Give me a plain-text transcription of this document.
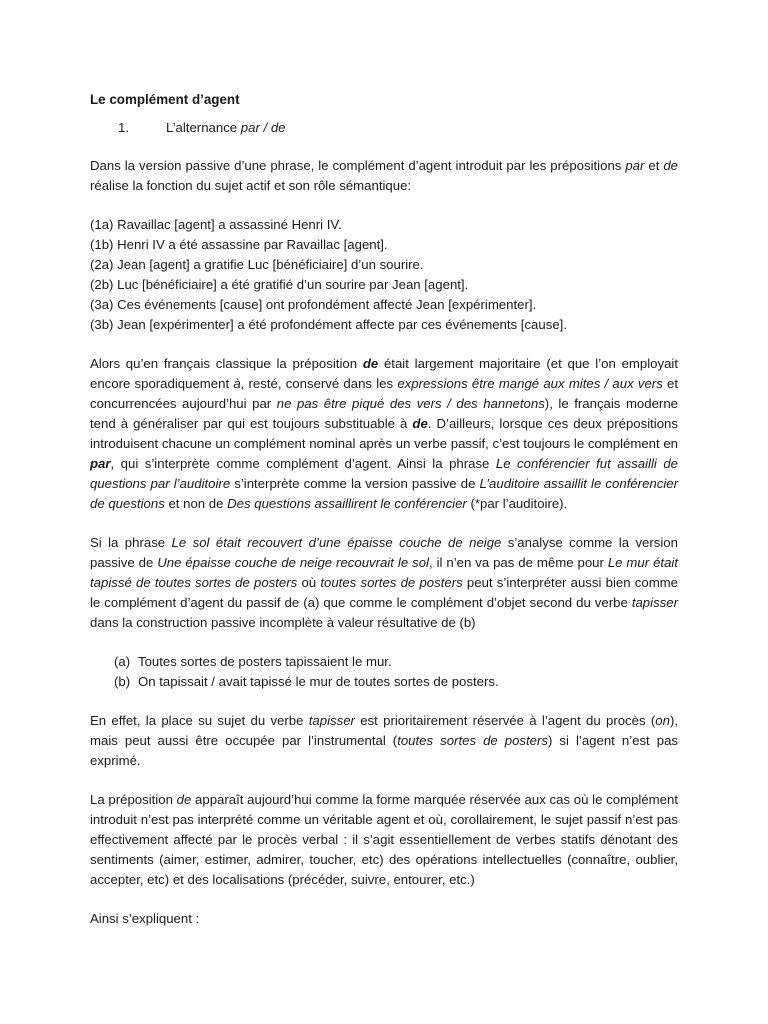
Le complément d’agent
1.	L’alternance par / de

Dans la version passive d’une phrase, le complément d’agent introduit par les prépositions par et de réalise la fonction du sujet actif et son rôle sémantique:

(1a) Ravaillac [agent] a assassiné Henri IV.
(1b) Henri IV a été assassine par Ravaillac [agent].
(2a) Jean [agent] a gratifie Luc [bénéficiaire] d’un sourire.
(2b) Luc [bénéficiaire] a été gratifié d’un sourire par Jean [agent].
(3a) Ces événements [cause] ont profondément affecté Jean [expérimenter].
(3b) Jean [expérimenter] a été profondément affecte par ces événements [cause].

Alors qu’en français classique la préposition de était largement majoritaire (et que l’on employait encore sporadiquement à, resté, conservé dans les expressions être mangé aux mites / aux vers et concurrencées aujourd’hui par ne pas être piqué des vers / des hannetons), le français moderne tend à généraliser par qui est toujours substituable à de. D’ailleurs, lorsque ces deux prépositions introduisent chacune un complément nominal après un verbe passif, c’est toujours le complément en par, qui s’interprète comme complément d’agent. Ainsi la phrase Le conférencier fut assailli de questions par l’auditoire s’interprète comme la version passive de L’auditoire assaillit le conférencier de questions et non de Des questions assaillirent le conférencier (*par l’auditoire).

Si la phrase Le sol était recouvert d’une épaisse couche de neige s’analyse comme la version passive de Une épaisse couche de neige recouvrait le sol, il n’en va pas de même pour Le mur était tapissé de toutes sortes de posters où toutes sortes de posters peut s’interpréter aussi bien comme le complément d’agent du passif de (a) que comme le complément d’objet second du verbe tapisser dans la construction passive incomplète à valeur résultative de (b)

(a) Toutes sortes de posters tapissaient le mur.
(b) On tapissait / avait tapissé le mur de toutes sortes de posters.

En effet, la place su sujet du verbe tapisser est prioritairement réservée à l’agent du procès (on), mais peut aussi être occupée par l’instrumental (toutes sortes de posters) si l’agent n’est pas exprimé.

La préposition de apparaît aujourd’hui comme la forme marquée réservée aux cas où le complément introduit n’est pas interprété comme un véritable agent et où, corollairement, le sujet passif n’est pas effectivement affecté par le procès verbal : il s’agit essentiellement de verbes statifs dénotant des sentiments (aimer, estimer, admirer, toucher, etc) des opérations intellectuelles (connaître, oublier, accepter, etc) et des localisations (précéder, suivre, entourer, etc.)

Ainsi s’expliquent :
